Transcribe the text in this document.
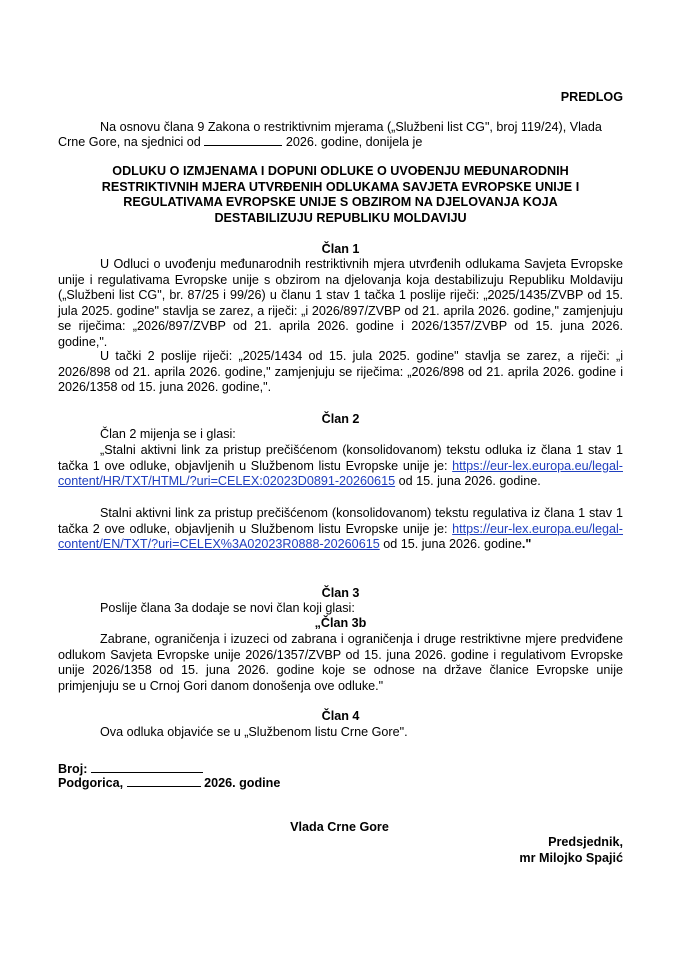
PREDLOG
Na osnovu člana 9 Zakona o restriktivnim mjerama („Službeni list CG", broj 119/24), Vlada
Crne Gore, na sjednici od	2026. godine, donijela je
ODLUKU O IZMJENAMA I DOPUNI ODLUKE O UVOĐENJU MEĐUNARODNIH
RESTRIKTIVNIH MJERA UTVRĐENIH ODLUKAMA SAVJETA EVROPSKE UNIJE I
REGULATIVAMA EVROPSKE UNIJE S OBZIROM NA DJELOVANJA KOJA
DESTABILIZUJU REPUBLIKU MOLDAVIJU
Član 1
U Odluci o uvođenju međunarodnih restriktivnih mjera utvrđenih odlukama Savjeta Evropske unije i regulativama Evropske unije s obzirom na djelovanja koja destabilizuju Republiku Moldaviju („Službeni list CG", br. 87/25 i 99/26) u članu 1 stav 1 tačka 1 poslije riječi: „2025/1435/ZVBP od 15. jula 2025. godine" stavlja se zarez, a riječi: „i 2026/897/ZVBP od 21. aprila 2026. godine," zamjenjuju se riječima: „2026/897/ZVBP od 21. aprila 2026. godine i 2026/1357/ZVBP od 15. juna 2026. godine,".
U tački 2 poslije riječi: „2025/1434 od 15. jula 2025. godine" stavlja se zarez, a riječi: „i 2026/898 od 21. aprila 2026. godine," zamjenjuju se riječima: „2026/898 od 21. aprila 2026. godine i 2026/1358 od 15. juna 2026. godine,".
Član 2
Član 2 mijenja se i glasi:
„Stalni aktivni link za pristup prečišćenom (konsolidovanom) tekstu odluka iz člana 1 stav 1 tačka 1 ove odluke, objavljenih u Službenom listu Evropske unije je: https://eur-lex.europa.eu/legal-content/HR/TXT/HTML/?uri=CELEX:02023D0891-20260615 od 15. juna 2026. godine.
Stalni aktivni link za pristup prečišćenom (konsolidovanom) tekstu regulativa iz člana 1 stav 1 tačka 2 ove odluke, objavljenih u Službenom listu Evropske unije je: https://eur-lex.europa.eu/legal-content/EN/TXT/?uri=CELEX%3A02023R0888-20260615 od 15. juna 2026. godine."
Član 3
Poslije člana 3a dodaje se novi član koji glasi:
„Član 3b
Zabrane, ograničenja i izuzeci od zabrana i ograničenja i druge restriktivne mjere predviđene odlukom Savjeta Evropske unije 2026/1357/ZVBP od 15. juna 2026. godine i regulativom Evropske unije 2026/1358 od 15. juna 2026. godine koje se odnose na države članice Evropske unije primjenjuju se u Crnoj Gori danom donošenja ove odluke."
Član 4
Ova odluka objaviće se u „Službenom listu Crne Gore".
Broj:
Podgorica,	2026. godine
Vlada Crne Gore
Predsjednik,
mr Milojko Spajić
